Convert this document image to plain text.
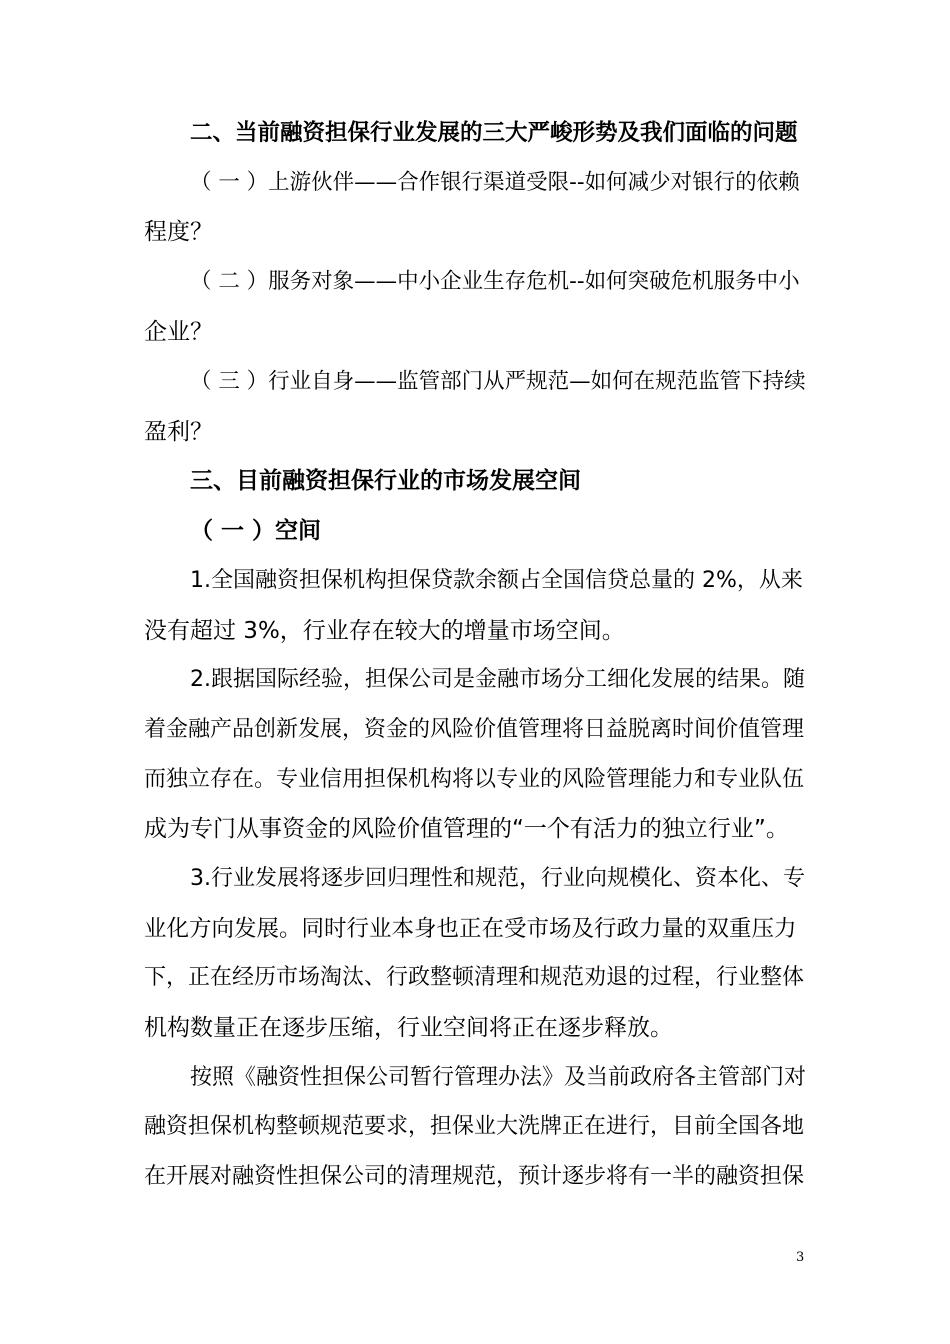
二、当前融资担保行业发展的三大严峻形势及我们面临的问题
（ 一 ）上游伙伴——合作银行渠道受限--如何减少对银行的依赖
程度？
（ 二 ）服务对象——中小企业生存危机--如何突破危机服务中小
企业？
（ 三 ）行业自身——监管部门从严规范—如何在规范监管下持续
盈利？
三、目前融资担保行业的市场发展空间
（ 一 ）空间
1.全国融资担保机构担保贷款余额占全国信贷总量的 2%，从来
没有超过 3%，行业存在较大的增量市场空间。
2.跟据国际经验，担保公司是金融市场分工细化发展的结果。随
着金融产品创新发展，资金的风险价值管理将日益脱离时间价值管理
而独立存在。专业信用担保机构将以专业的风险管理能力和专业队伍
成为专门从事资金的风险价值管理的“一个有活力的独立行业”。
3.行业发展将逐步回归理性和规范，行业向规模化、资本化、专
业化方向发展。同时行业本身也正在受市场及行政力量的双重压力
下，正在经历市场淘汰、行政整顿清理和规范劝退的过程，行业整体
机构数量正在逐步压缩，行业空间将正在逐步释放。
按照《融资性担保公司暂行管理办法》及当前政府各主管部门对
融资担保机构整顿规范要求，担保业大洗牌正在进行，目前全国各地
在开展对融资性担保公司的清理规范，预计逐步将有一半的融资担保
3
